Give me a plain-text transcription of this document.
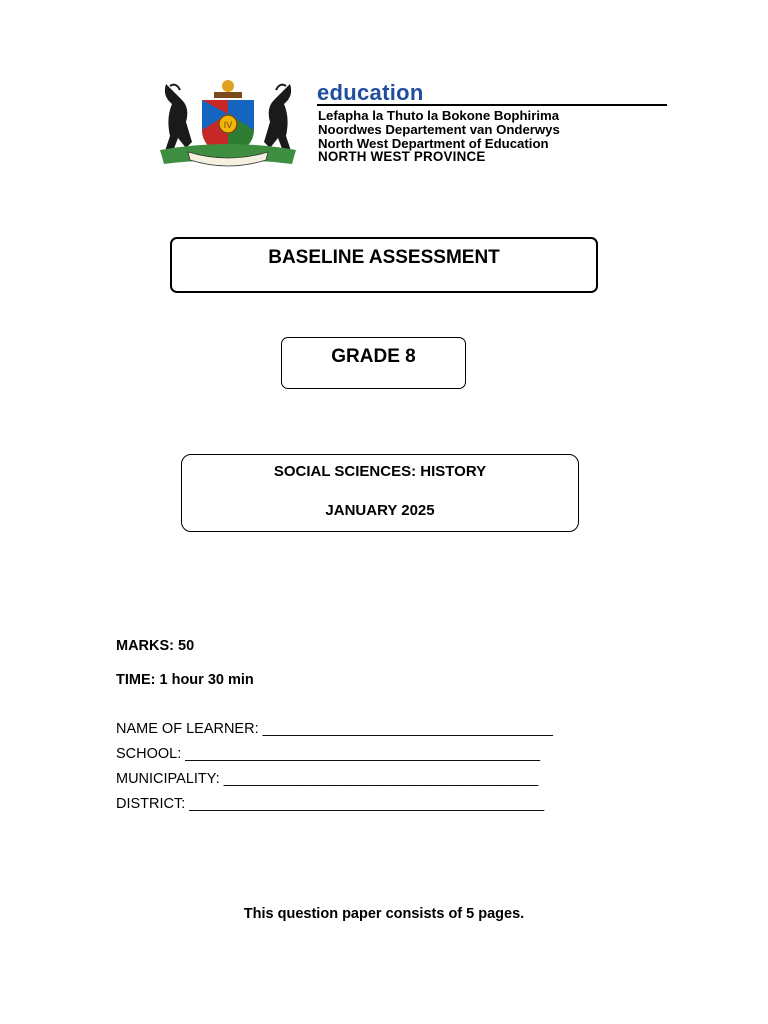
IV
education
Lefapha la Thuto la Bokone Bophirima
Noordwes Departement van Onderwys
North West Department of Education
NORTH WEST PROVINCE
BASELINE ASSESSMENT
GRADE 8
SOCIAL SCIENCES: HISTORY
JANUARY 2025
MARKS: 50
TIME: 1 hour 30 min
NAME OF LEARNER: ____________________________________
SCHOOL: ____________________________________________
MUNICIPALITY: _______________________________________
DISTRICT: ____________________________________________
This question paper consists of 5 pages.
